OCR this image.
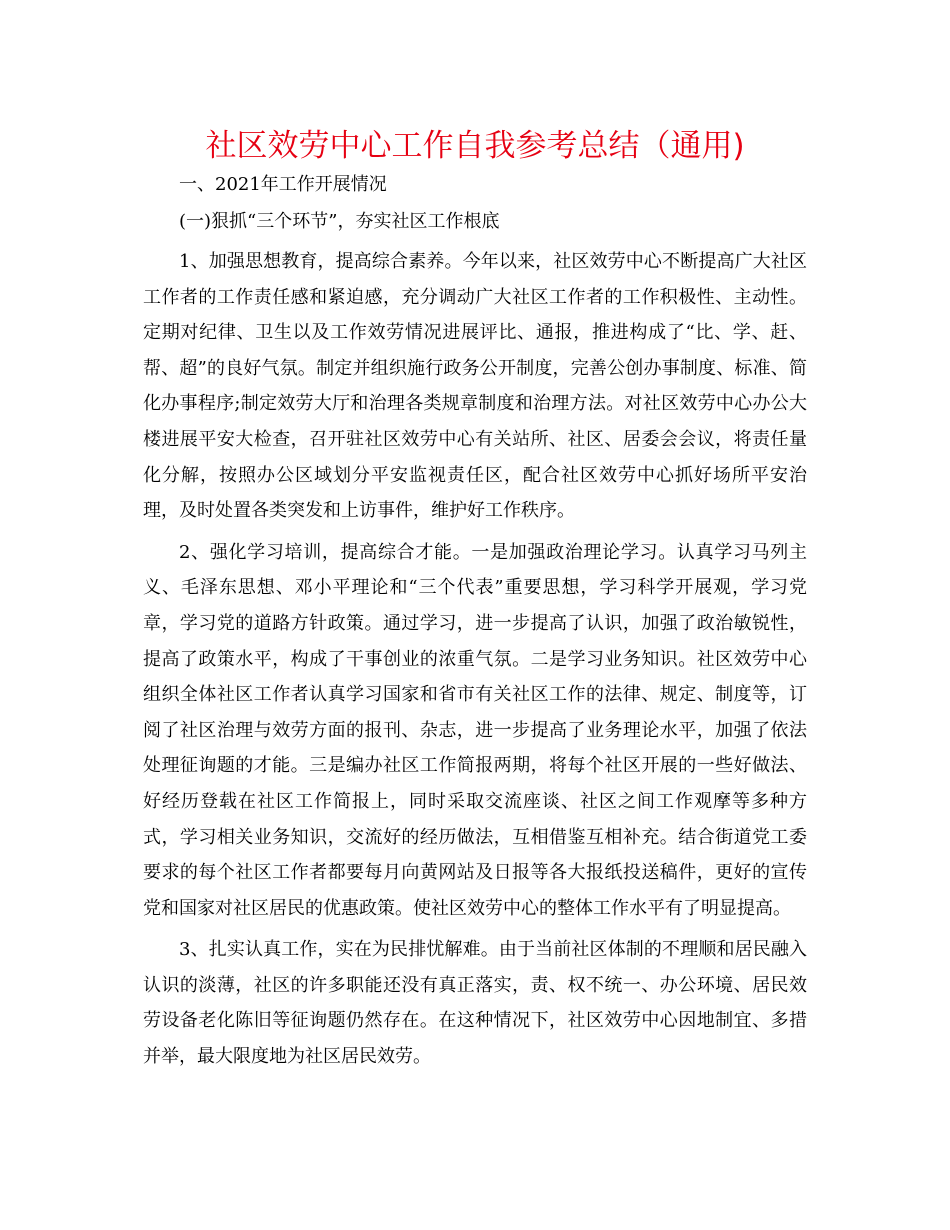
社区效劳中心工作自我参考总结（通用)

一、2021年工作开展情况

(一)狠抓“三个环节”，夯实社区工作根底

1、加强思想教育，提高综合素养。今年以来，社区效劳中心不断提高广大社区工作者的工作责任感和紧迫感，充分调动广大社区工作者的工作积极性、主动性。定期对纪律、卫生以及工作效劳情况进展评比、通报，推进构成了“比、学、赶、帮、超”的良好气氛。制定并组织施行政务公开制度，完善公创办事制度、标准、简化办事程序;制定效劳大厅和治理各类规章制度和治理方法。对社区效劳中心办公大楼进展平安大检查，召开驻社区效劳中心有关站所、社区、居委会会议，将责任量化分解，按照办公区域划分平安监视责任区，配合社区效劳中心抓好场所平安治理，及时处置各类突发和上访事件，维护好工作秩序。

2、强化学习培训，提高综合才能。一是加强政治理论学习。认真学习马列主义、毛泽东思想、邓小平理论和“三个代表”重要思想，学习科学开展观，学习党章，学习党的道路方针政策。通过学习，进一步提高了认识，加强了政治敏锐性，提高了政策水平，构成了干事创业的浓重气氛。二是学习业务知识。社区效劳中心组织全体社区工作者认真学习国家和省市有关社区工作的法律、规定、制度等，订阅了社区治理与效劳方面的报刊、杂志，进一步提高了业务理论水平，加强了依法处理征询题的才能。三是编办社区工作简报两期，将每个社区开展的一些好做法、好经历登载在社区工作简报上，同时采取交流座谈、社区之间工作观摩等多种方式，学习相关业务知识，交流好的经历做法，互相借鉴互相补充。结合街道党工委要求的每个社区工作者都要每月向黄网站及日报等各大报纸投送稿件，更好的宣传党和国家对社区居民的优惠政策。使社区效劳中心的整体工作水平有了明显提高。

3、扎实认真工作，实在为民排忧解难。由于当前社区体制的不理顺和居民融入认识的淡薄，社区的许多职能还没有真正落实，责、权不统一、办公环境、居民效劳设备老化陈旧等征询题仍然存在。在这种情况下，社区效劳中心因地制宜、多措并举，最大限度地为社区居民效劳。
